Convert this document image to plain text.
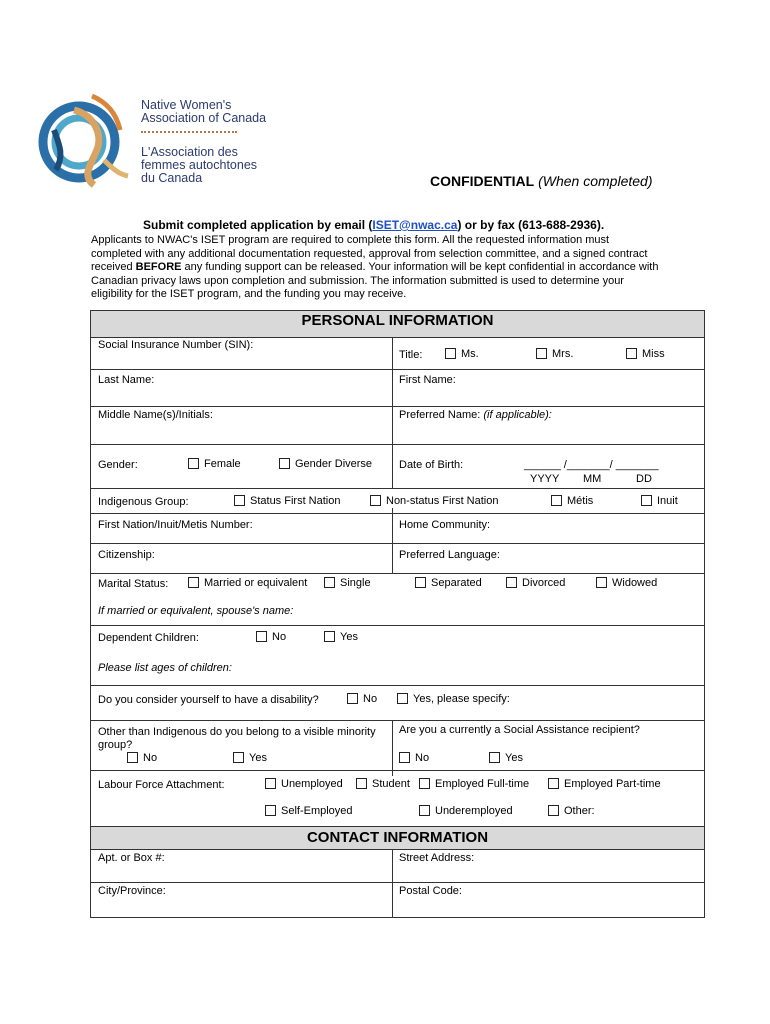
Native Women's
Association of Canada
L'Association des
femmes autochtones
du Canada	CONFIDENTIAL (When completed)
Submit completed application by email (ISET@nwac.ca) or by fax (613-688-2936).
Applicants to NWAC's ISET program are required to complete this form. All the requested information must
completed with any additional documentation requested, approval from selection committee, and a signed contract
received BEFORE any funding support can be released. Your information will be kept confidential in accordance with
Canadian privacy laws upon completion and submission. The information submitted is used to determine your
eligibility for the ISET program, and the funding you may receive.
PERSONAL INFORMATION
Social Insurance Number (SIN):
Title:	Ms.	Mrs.	Miss
Last Name:	First Name:
Middle Name(s)/Initials:	Preferred Name: (if applicable):
Gender:	Female	Gender Diverse Date of Birth:	______ /_______/ _______
YYYY MM	DD
Indigenous Group:	Status First Nation	Non-status First Nation	Métis	Inuit
First Nation/Inuit/Metis Number:	Home Community:
Citizenship:	Preferred Language:
Marital Status:	Married or equivalent	Single	Separated	Divorced	Widowed
If married or equivalent, spouse's name:
Dependent Children:	No	Yes
Please list ages of children:
Do you consider yourself to have a disability?	No	Yes, please specify:
Other than Indigenous do you belong to a visible minority
group?
No	Yes
Are you a currently a Social Assistance recipient?
No	Yes
Labour Force Attachment:	Unemployed	Student	Employed Full-time	Employed Part-time
Self-Employed	Underemployed	Other:
CONTACT INFORMATION
Apt. or Box #:	Street Address:
City/Province:	Postal Code:
